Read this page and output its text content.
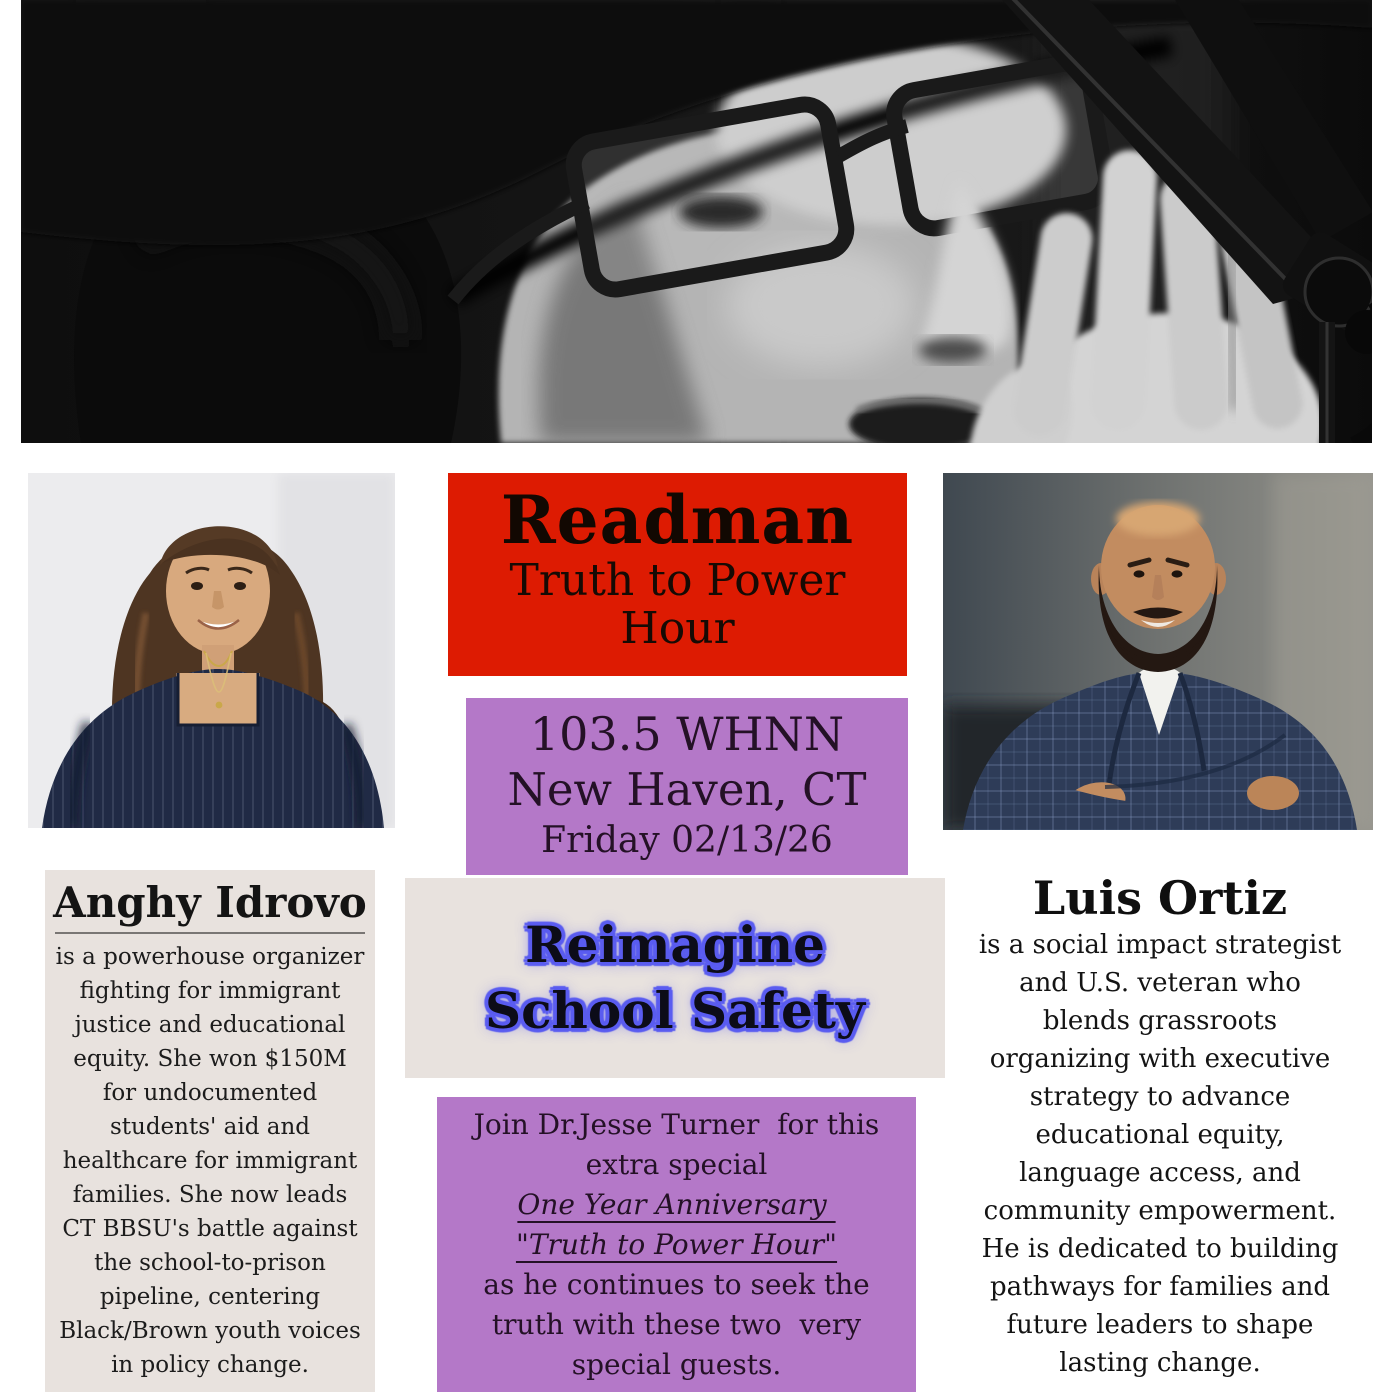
Readman
Truth to Power
Hour
103.5 WHNN
New Haven, CT
Friday 02/13/26
Anghy Idrovo
is a powerhouse organizer
fighting for immigrant
justice and educational
equity. She won $150M
for undocumented
students' aid and
healthcare for immigrant
families. She now leads
CT BBSU's battle against
the school-to-prison
pipeline, centering
Black/Brown youth voices
in policy change.
Reimagine
School Safety
Join Dr.Jesse Turner  for this
extra special
One Year Anniversary
"Truth to Power Hour"
as he continues to seek the
truth with these two  very
special guests.
Luis Ortiz
is a social impact strategist
and U.S. veteran who
blends grassroots
organizing with executive
strategy to advance
educational equity,
language access, and
community empowerment.
He is dedicated to building
pathways for families and
future leaders to shape
lasting change.
